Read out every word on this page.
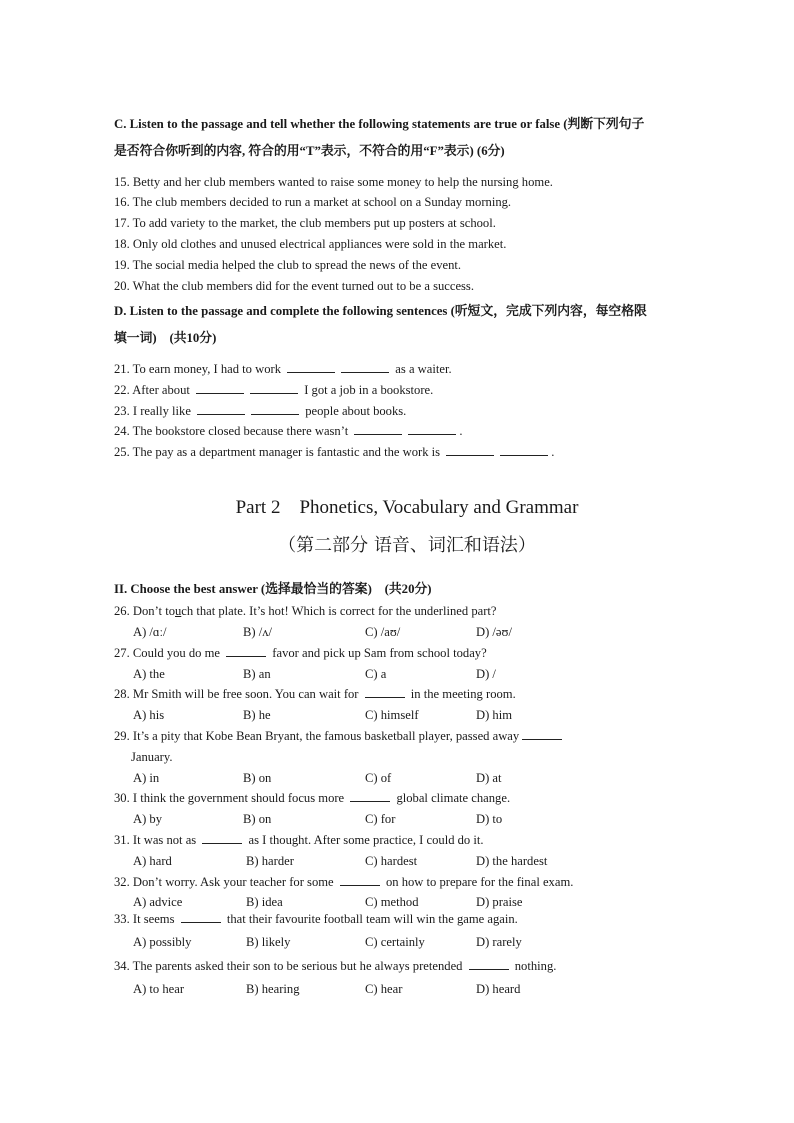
C. Listen to the passage and tell whether the following statements are true or false (判断下列句子
是否符合你听到的内容, 符合的用“T”表示，不符合的用“F”表示) (6分)
15. Betty and her club members wanted to raise some money to help the nursing home.
16. The club members decided to run a market at school on a Sunday morning.
17. To add variety to the market, the club members put up posters at school.
18. Only old clothes and unused electrical appliances were sold in the market.
19. The social media helped the club to spread the news of the event.
20. What the club members did for the event turned out to be a success.
D. Listen to the passage and complete the following sentences (听短文，完成下列内容，每空格限
填一词)　(共10分)
21. To earn money, I had to work	as a waiter.
22. After about	I got a job in a bookstore.
23. I really like	people about books.
24. The bookstore closed because there wasn’t	.
25. The pay as a department manager is fantastic and the work is	.
Part 2　Phonetics, Vocabulary and Grammar
（第二部分 语音、词汇和语法）
II. Choose the best answer (选择最恰当的答案)　(共20分)
26. Don’t touch that plate. It’s hot! Which is correct for the underlined part?
A) /ɑː/	B) /ʌ/	C) /aʊ/	D) /əʊ/
27. Could you do me	favor and pick up Sam from school today?
A) the	B) an	C) a	D) /
28. Mr Smith will be free soon. You can wait for	in the meeting room.
A) his	B) he	C) himself	D) him
29. It’s a pity that Kobe Bean Bryant, the famous basketball player, passed away
January.
A) in	B) on	C) of	D) at
30. I think the government should focus more	global climate change.
A) by	B) on	C) for	D) to
31. It was not as	as I thought. After some practice, I could do it.
A) hard	B) harder	C) hardest	D) the hardest
32. Don’t worry. Ask your teacher for some	on how to prepare for the final exam.
A) advice	B) idea	C) method	D) praise
33. It seems	that their favourite football team will win the game again.
A) possibly	B) likely	C) certainly	D) rarely
34. The parents asked their son to be serious but he always pretended	nothing.
A) to hear	B) hearing	C) hear	D) heard
